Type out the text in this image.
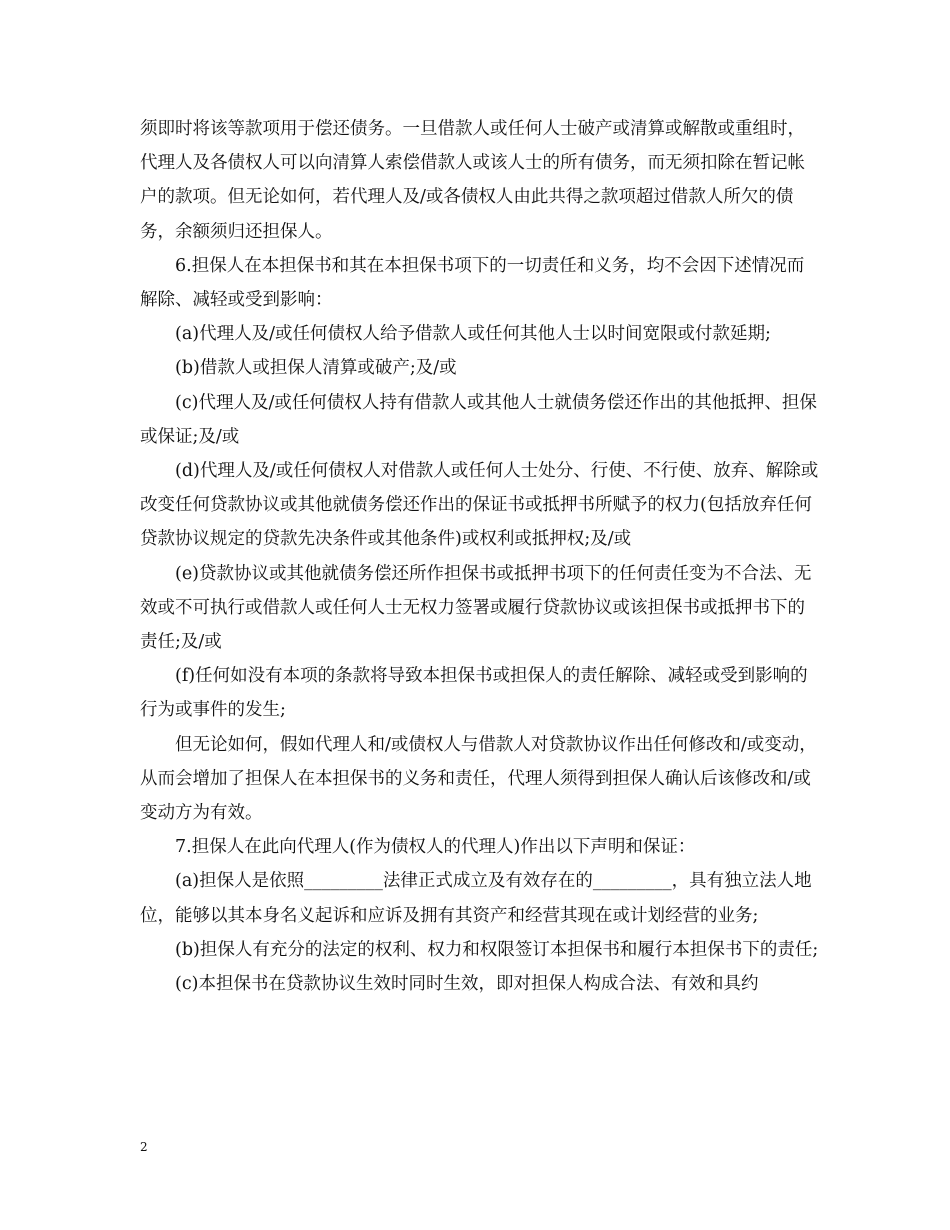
须即时将该等款项用于偿还债务。一旦借款人或任何人士破产或清算或解散或重组时，代理人及各债权人可以向清算人索偿借款人或该人士的所有债务，而无须扣除在暂记帐户的款项。但无论如何，若代理人及/或各债权人由此共得之款项超过借款人所欠的债务，余额须归还担保人。

6.担保人在本担保书和其在本担保书项下的一切责任和义务，均不会因下述情况而解除、减轻或受到影响：

(a)代理人及/或任何债权人给予借款人或任何其他人士以时间宽限或付款延期;

(b)借款人或担保人清算或破产;及/或

(c)代理人及/或任何债权人持有借款人或其他人士就债务偿还作出的其他抵押、担保或保证;及/或

(d)代理人及/或任何债权人对借款人或任何人士处分、行使、不行使、放弃、解除或改变任何贷款协议或其他就债务偿还作出的保证书或抵押书所赋予的权力(包括放弃任何贷款协议规定的贷款先决条件或其他条件)或权利或抵押权;及/或

(e)贷款协议或其他就债务偿还所作担保书或抵押书项下的任何责任变为不合法、无效或不可执行或借款人或任何人士无权力签署或履行贷款协议或该担保书或抵押书下的责任;及/或

(f)任何如没有本项的条款将导致本担保书或担保人的责任解除、减轻或受到影响的行为或事件的发生;

但无论如何，假如代理人和/或债权人与借款人对贷款协议作出任何修改和/或变动，从而会增加了担保人在本担保书的义务和责任，代理人须得到担保人确认后该修改和/或变动方为有效。

7.担保人在此向代理人(作为债权人的代理人)作出以下声明和保证：

(a)担保人是依照_________法律正式成立及有效存在的_________，具有独立法人地位，能够以其本身名义起诉和应诉及拥有其资产和经营其现在或计划经营的业务;

(b)担保人有充分的法定的权利、权力和权限签订本担保书和履行本担保书下的责任;

(c)本担保书在贷款协议生效时同时生效，即对担保人构成合法、有效和具约

2
